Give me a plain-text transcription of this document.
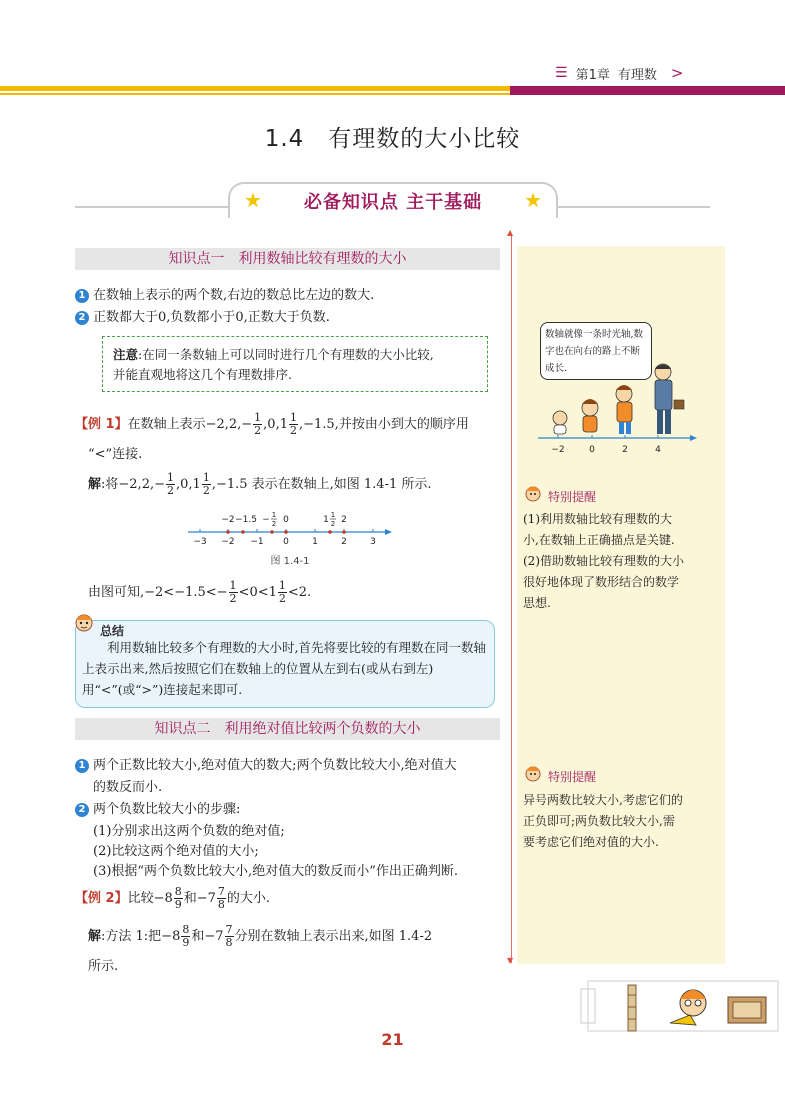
☰ 第1章 有理数 >
1.4　有理数的大小比较
★ 必备知识点 主干基础 ★
▲
▼
知识点一　利用数轴比较有理数的大小
1 在数轴上表示的两个数,右边的数总比左边的数大.
2 正数都大于0,负数都小于0,正数大于负数.
注意:在同一条数轴上可以同时进行几个有理数的大小比较,
并能直观地将这几个有理数排序.
【例 1】在数轴上表示$-2,2,- \frac{1}{2} ,0,1 \frac{1}{2} ,-1.5$,并按由小到大的顺序用
“<”连接.
解:将$-2,2,- \frac{1}{2} ,0,1 \frac{1}{2} ,-1.5$ 表示在数轴上,如图 1.4-1 所示.
−3 −2 −1 0	1	2	3
−2 −1.5 − 1
2 0	1 1
2 2
图 1.4-1
由图可知$,-2<-1.5<- \frac{1}{2} <0<1 \frac{1}{2} <2$.
总结
利用数轴比较多个有理数的大小时,首先将要比较的有理数在同一数轴上表示出来,然后按照它们在数轴上的位置从左到右(或从右到左)用“<”(或“>”)连接起来即可.
知识点二　利用绝对值比较两个负数的大小
1 两个正数比较大小,绝对值大的数大;两个负数比较大小,绝对值大
的数反而小.
2 两个负数比较大小的步骤:
(1)分别求出这两个负数的绝对值;
(2)比较这两个绝对值的大小;
(3)根据“两个负数比较大小,绝对值大的数反而小”作出正确判断.
【例 2】比较$-8 \frac{8}{9}$ 和$-7 \frac{7}{8}$ 的大小.
解:方法 1:把$-8 \frac{8}{9}$ 和$-7 \frac{7}{8}$ 分别在数轴上表示出来,如图 1.4-2
所示.
数轴就像一条时光轴,数字也在向右的路上不断成长.
−2	0	2	4
特别提醒
(1)利用数轴比较有理数的大
小,在数轴上正确描点是关键.
(2)借助数轴比较有理数的大小
很好地体现了数形结合的数学
思想.
特别提醒
异号两数比较大小,考虑它们的
正负即可;两负数比较大小,需
要考虑它们绝对值的大小.
21
